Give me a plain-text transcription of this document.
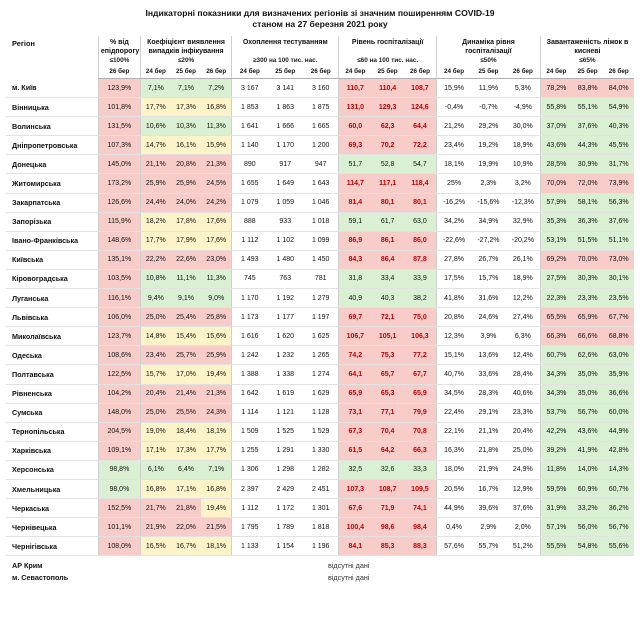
Індикаторні показники для визначених регіонів зі значним поширенням COVID-19
станом на 27 березня 2021 року
Регіон	% від епідпорогу	Коефіцієнт виявлення випадків інфікування			Охоплення тестуванням			Рівень госпіталізації			Динаміка рівня госпіталізації			Завантаженість ліжок в кисневі		
	≤100%	≤20%			≥300 на 100 тис. нас.			≤60 на 100 тис. нас.			≤50%			≤65%		
	26 бер	24 бер	25 бер	26 бер	24 бер	25 бер	26 бер	24 бер	25 бер	26 бер	24 бер	25 бер	26 бер	24 бер	25 бер	26 бер
м. Київ	123,9%	7,1%	7,1%	7,2%	3 167	3 141	3 160	110,7	110,4	108,7	15,9%	11,9%	5,3%	78,2%	83,8%	84,0%
Вінницька	101,8%	17,7%	17,3%	16,8%	1 853	1 863	1 875	131,0	129,3	124,6	-0,4%	-0,7%	-4,9%	55,8%	55,1%	54,9%
Волинська	131,5%	10,6%	10,3%	11,3%	1 641	1 666	1 665	60,0	62,3	64,4	21,2%	29,2%	30,0%	37,0%	37,6%	40,3%
Дніпропетровська	107,3%	14,7%	16,1%	15,9%	1 140	1 170	1 200	69,3	70,2	72,2	23,4%	19,2%	18,9%	43,6%	44,3%	45,5%
Донецька	145,0%	21,1%	20,8%	21,3%	890	917	947	51,7	52,8	54,7	18,1%	19,9%	10,9%	28,5%	30,9%	31,7%
Житомирська	173,2%	25,9%	25,9%	24,5%	1 655	1 649	1 643	114,7	117,1	118,4	25%	2,3%	3,2%	70,0%	72,0%	73,9%
Закарпатська	126,6%	24,4%	24,0%	24,2%	1 079	1 059	1 046	81,4	80,1	80,1	-16,2%	-15,6%	-12,3%	57,9%	58,1%	56,3%
Запорізька	115,9%	18,2%	17,8%	17,6%	888	933	1 018	59,1	61,7	63,0	34,2%	34,9%	32,9%	35,3%	36,3%	37,6%
Івано-Франківська	148,6%	17,7%	17,9%	17,6%	1 112	1 102	1 099	86,9	86,1	86,0	-22,6%	-27,2%	-20,2%	53,1%	51,5%	51,1%
Київська	135,1%	22,2%	22,6%	23,0%	1 493	1 480	1 450	84,3	86,4	87,8	27,8%	26,7%	26,1%	69,2%	70,0%	73,0%
Кіровоградська	103,5%	10,8%	11,1%	11,3%	745	763	781	31,8	33,4	33,9	17,5%	15,7%	18,9%	27,5%	30,3%	30,1%
Луганська	116,1%	9,4%	9,1%	9,0%	1 170	1 192	1 279	40,9	40,3	38,2	41,8%	31,6%	12,2%	22,3%	23,3%	23,5%
Львівська	106,0%	25,0%	25,4%	25,8%	1 173	1 177	1 197	69,7	72,1	75,0	20,8%	24,6%	27,4%	65,5%	65,9%	67,7%
Миколаївська	123,7%	14,8%	15,4%	15,6%	1 616	1 620	1 625	106,7	105,1	106,3	12,3%	3,9%	6,3%	66,3%	66,6%	68,8%
Одеська	108,6%	23,4%	25,7%	25,9%	1 242	1 232	1 265	74,2	75,3	77,2	15,1%	13,6%	12,4%	60,7%	62,6%	63,0%
Полтавська	122,5%	15,7%	17,0%	19,4%	1 388	1 338	1 274	64,1	65,7	67,7	40,7%	33,6%	28,4%	34,3%	35,0%	35,9%
Рівненська	104,2%	20,4%	21,4%	21,3%	1 642	1 619	1 629	65,9	65,3	65,9	34,5%	28,3%	40,6%	34,3%	35,0%	36,6%
Сумська	148,0%	25,0%	25,5%	24,3%	1 114	1 121	1 128	73,1	77,1	79,9	22,4%	29,1%	23,3%	53,7%	56,7%	60,0%
Тернопільська	204,5%	19,0%	18,4%	18,1%	1 509	1 525	1 529	67,3	70,4	70,8	22,1%	21,1%	20,4%	42,2%	43,6%	44,9%
Харківська	109,1%	17,1%	17,3%	17,7%	1 255	1 291	1 330	61,5	64,2	66,3	16,3%	21,8%	25,0%	39,2%	41,9%	42,8%
Херсонська	98,8%	6,1%	6,4%	7,1%	1 306	1 298	1 282	32,5	32,6	33,3	18,0%	21,9%	24,9%	11,8%	14,0%	14,3%
Хмельницька	98,0%	16,8%	17,1%	16,8%	2 397	2 429	2 451	107,3	108,7	109,5	20,5%	16,7%	12,9%	59,5%	60,9%	60,7%
Черкаська	152,5%	21,7%	21,8%	19,4%	1 112	1 172	1 301	67,6	71,9	74,1	44,9%	39,6%	37,6%	31,9%	33,2%	36,2%
Чернівецька	101,1%	21,9%	22,0%	21,5%	1 795	1 789	1 818	100,4	98,6	98,4	0,4%	2,9%	2,0%	57,1%	56,0%	56,7%
Чернігівська	108,0%	16,5%	16,7%	18,1%	1 133	1 154	1 196	84,1	85,3	88,3	57,6%	55,7%	51,2%	55,5%	54,8%	55,6%
АР Крим	відсутні дані
м. Севастополь	відсутні дані
